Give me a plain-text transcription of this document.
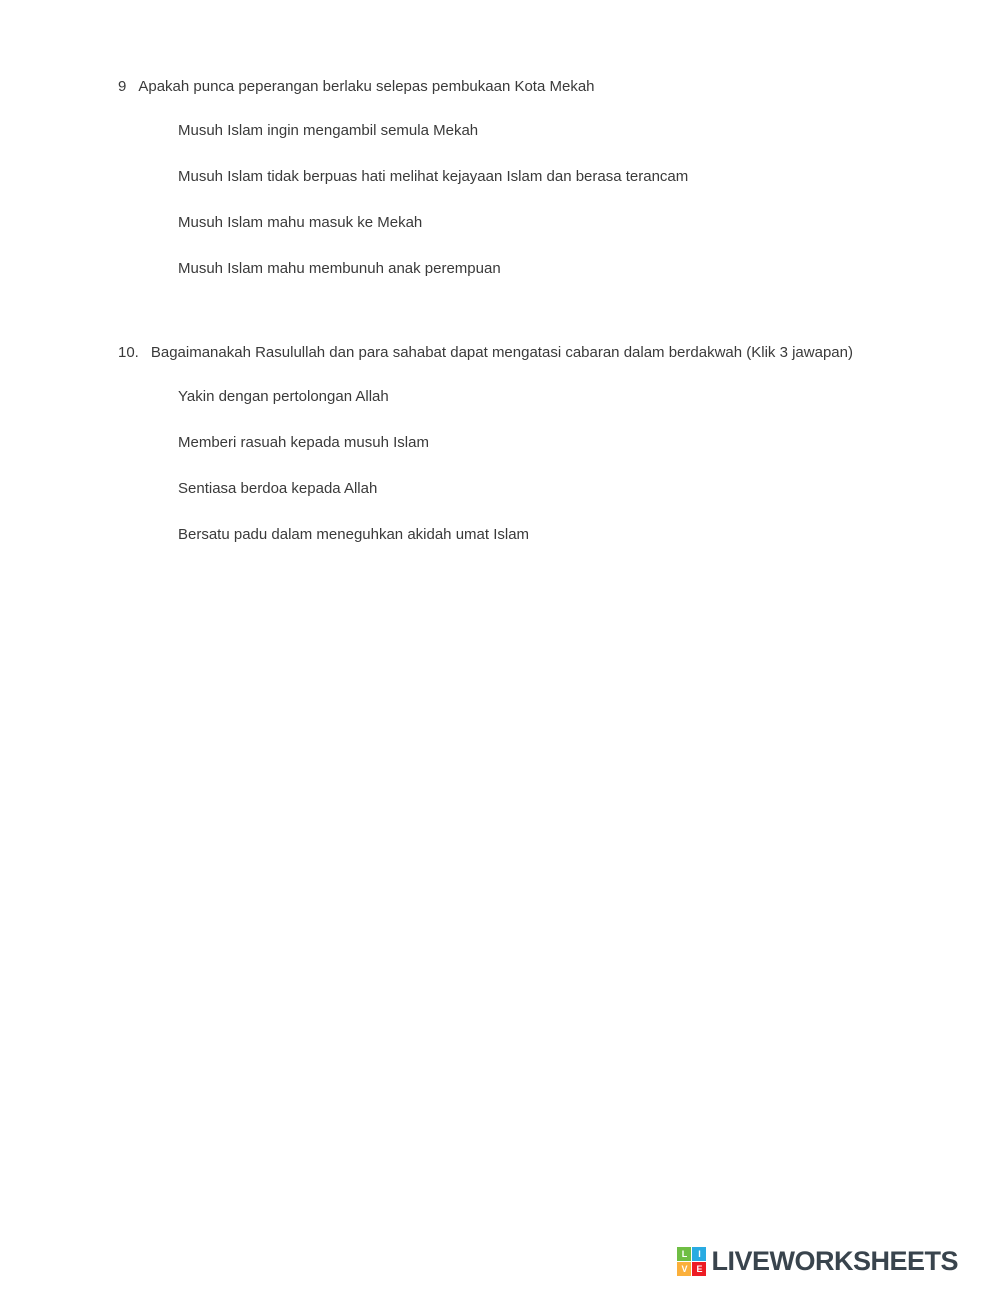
9 Apakah punca peperangan berlaku selepas pembukaan Kota Mekah

Musuh Islam ingin mengambil semula Mekah

Musuh Islam tidak berpuas hati melihat kejayaan Islam dan berasa terancam

Musuh Islam mahu masuk ke Mekah

Musuh Islam mahu membunuh anak perempuan

10. Bagaimanakah Rasulullah dan para sahabat dapat mengatasi cabaran dalam berdakwah (Klik 3 jawapan)

Yakin dengan pertolongan Allah

Memberi rasuah kepada musuh Islam

Sentiasa berdoa kepada Allah

Bersatu padu dalam meneguhkan akidah umat Islam

L	I
V E LIVEWORKSHEETS
